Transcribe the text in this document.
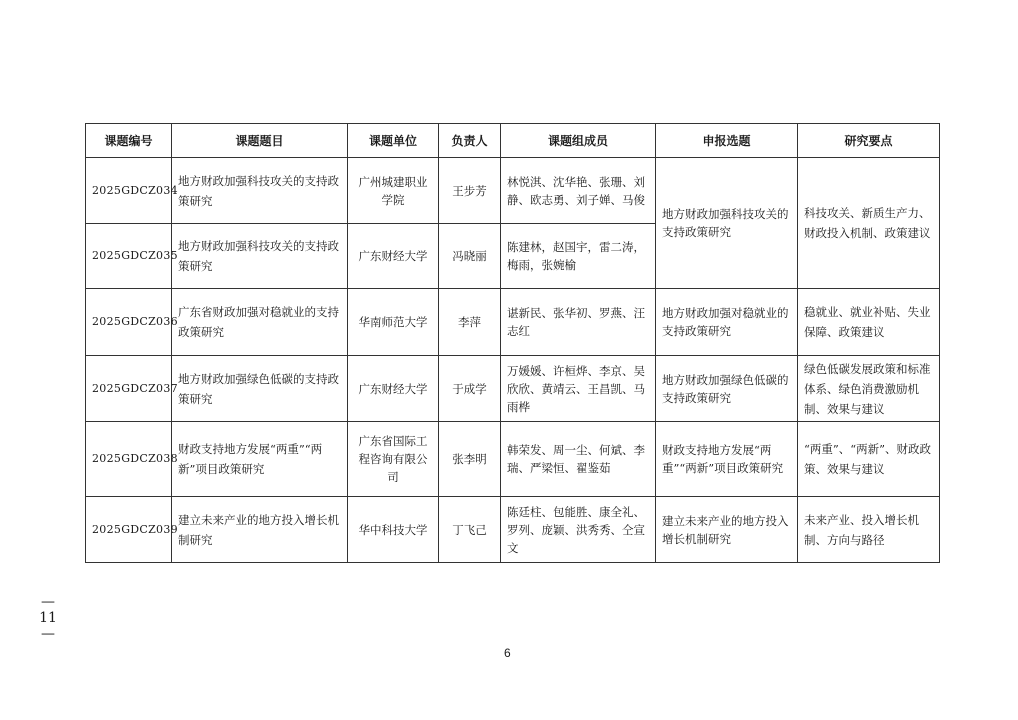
课题编号	课题题目	课题单位	负责人	课题组成员	申报选题	研究要点
2025GDCZ034	地方财政加强科技攻关的支持政策研究	广州城建职业学院	王步芳	林悦淇、沈华艳、张珊、刘静、欧志勇、刘子婵、马俊	地方财政加强科技攻关的支持政策研究	科技攻关、新质生产力、财政投入机制、政策建议
2025GDCZ035	地方财政加强科技攻关的支持政策研究	广东财经大学	冯晓丽	陈建林，赵国宇，雷二涛，梅雨，张婉榆		
2025GDCZ036	广东省财政加强对稳就业的支持政策研究	华南师范大学	李萍	谌新民、张华初、罗燕、汪志红	地方财政加强对稳就业的支持政策研究	稳就业、就业补贴、失业保障、政策建议
2025GDCZ037	地方财政加强绿色低碳的支持政策研究	广东财经大学	于成学	万媛媛、许桓烨、李京、吴欣欣、黄靖云、王昌凯、马雨桦	地方财政加强绿色低碳的支持政策研究	绿色低碳发展政策和标准体系、绿色消费激励机制、效果与建议
2025GDCZ038	财政支持地方发展“两重”“两新”项目政策研究	广东省国际工程咨询有限公司	张李明	韩荣发、周一尘、何斌、李瑞、严梁恒、翟鉴茹	财政支持地方发展“两重”“两新”项目政策研究	“两重”、“两新”、财政政策、效果与建议
2025GDCZ039	建立未来产业的地方投入增长机制研究	华中科技大学	丁飞己	陈廷柱、包能胜、康全礼、罗列、庞颖、洪秀秀、仝宣文	建立未来产业的地方投入增长机制研究	未来产业、投入增长机制、方向与路径
—
11
—
6
